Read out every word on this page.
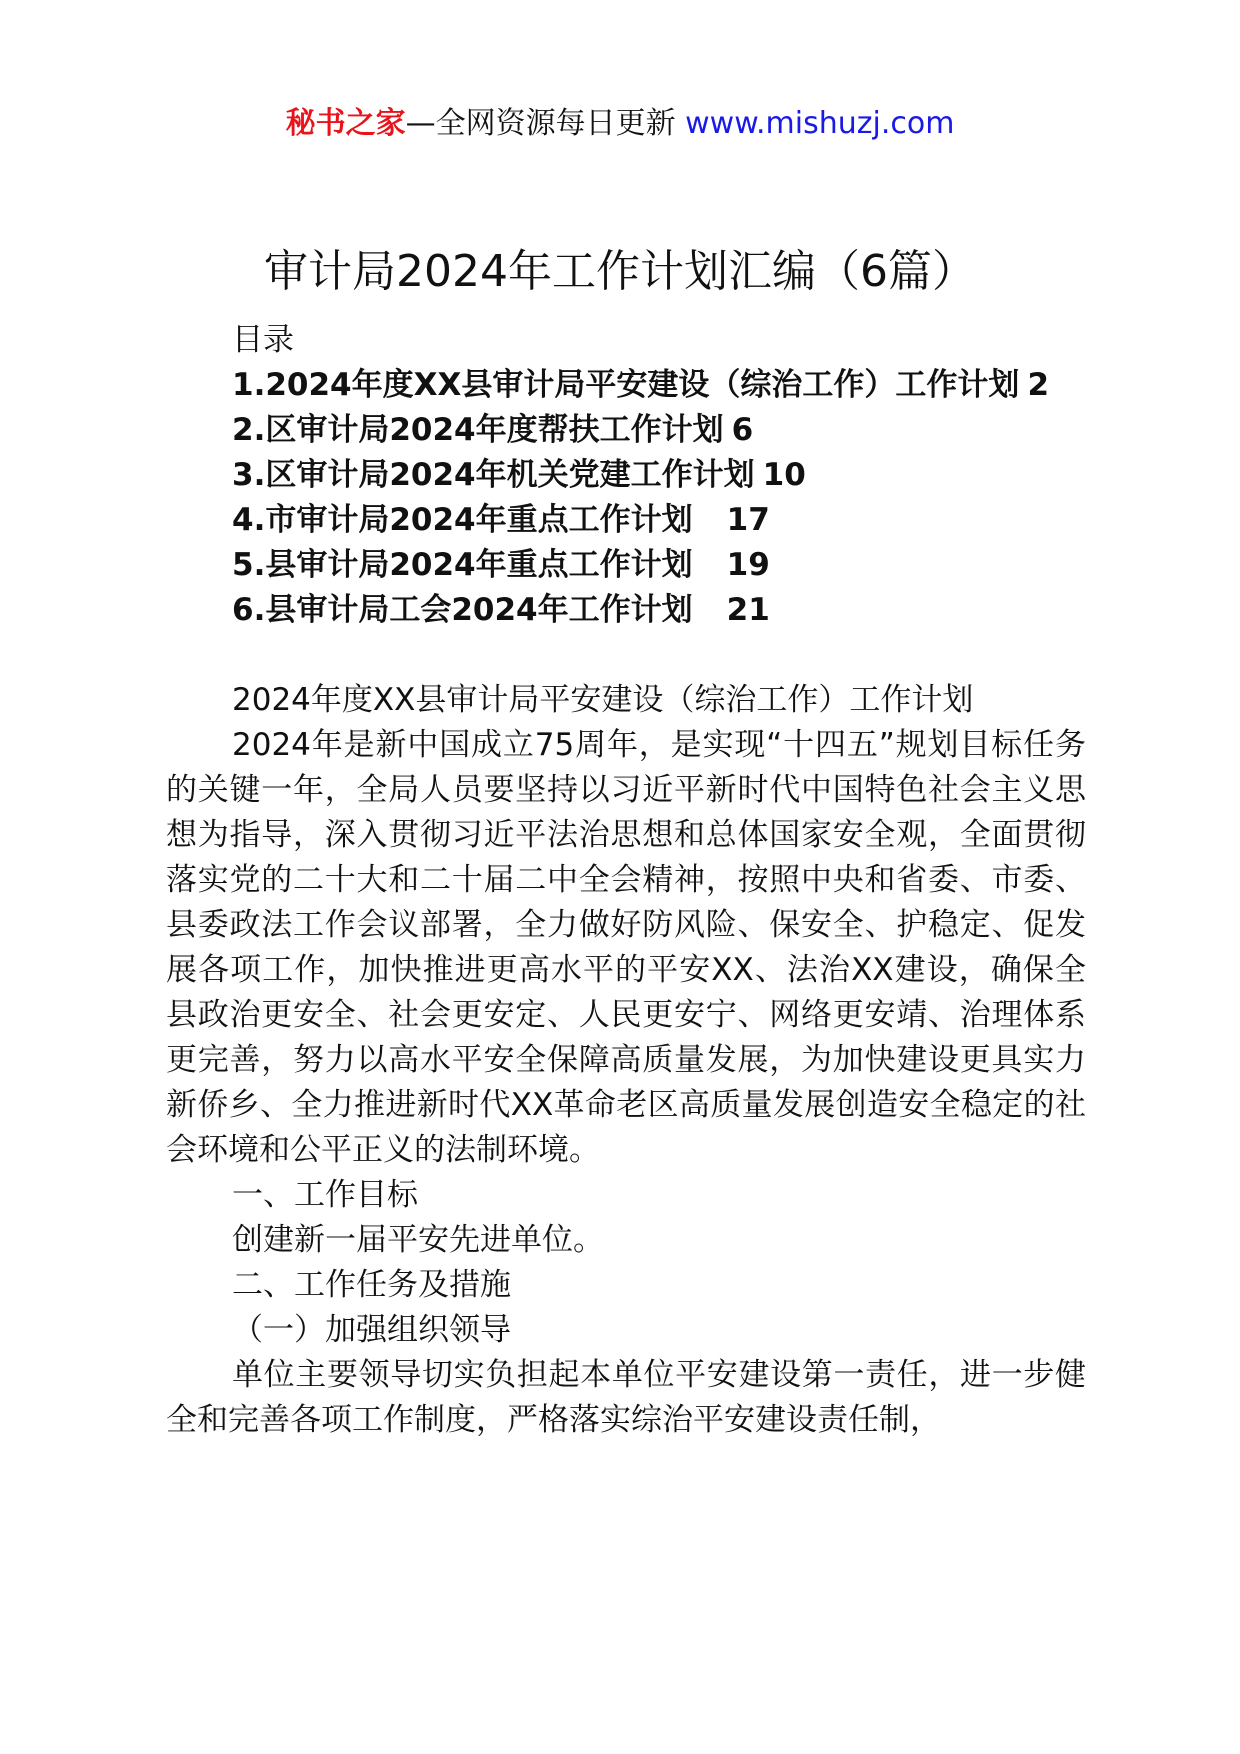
秘书之家—全网资源每日更新 www.mishuzj.com
审计局2024年工作计划汇编（6篇）
目录
1.2024年度XX县审计局平安建设（综治工作）工作计划 2
2.区审计局2024年度帮扶工作计划 6
3.区审计局2024年机关党建工作计划 10
4.市审计局2024年重点工作计划 17
5.县审计局2024年重点工作计划 19
6.县审计局工会2024年工作计划 21
2024年度XX县审计局平安建设（综治工作）工作计划
2024年是新中国成立75周年，是实现“十四五”规划目标任务的关键一年，全局人员要坚持以习近平新时代中国特色社会主义思想为指导，深入贯彻习近平法治思想和总体国家安全观，全面贯彻落实党的二十大和二十届二中全会精神，按照中央和省委、市委、县委政法工作会议部署，全力做好防风险、保安全、护稳定、促发展各项工作，加快推进更高水平的平安XX、法治XX建设，确保全县政治更安全、社会更安定、人民更安宁、网络更安靖、治理体系更完善，努力以高水平安全保障高质量发展，为加快建设更具实力新侨乡、全力推进新时代XX革命老区高质量发展创造安全稳定的社会环境和公平正义的法制环境。
一、工作目标
创建新一届平安先进单位。
二、工作任务及措施
（一）加强组织领导
单位主要领导切实负担起本单位平安建设第一责任，进一步健全和完善各项工作制度，严格落实综治平安建设责任制，
